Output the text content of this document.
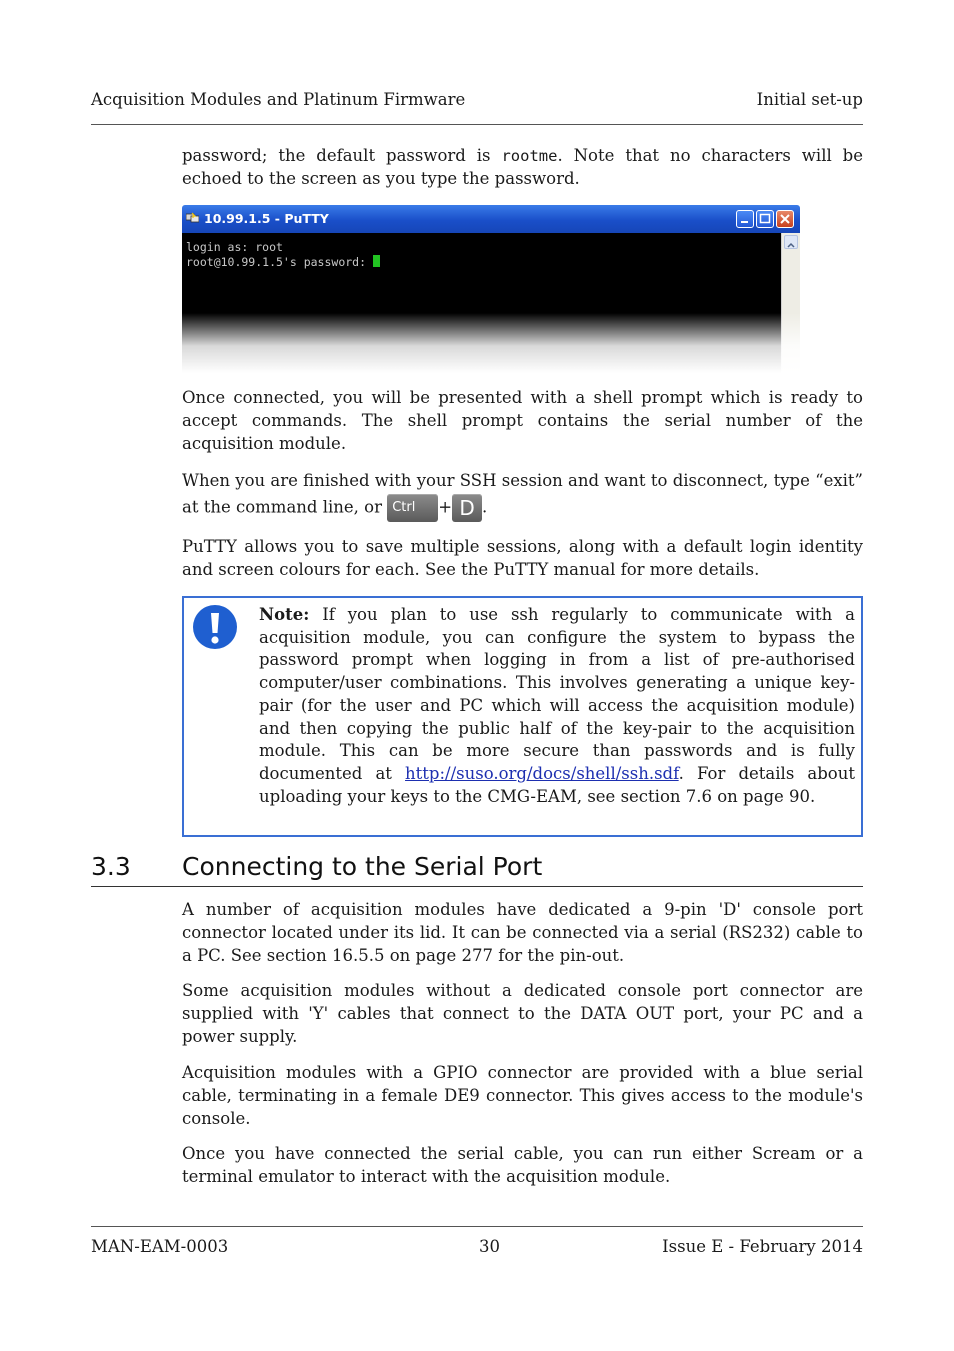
Acquisition Modules and Platinum Firmware	Initial set-up

password; the default password is rootme. Note that no characters will be echoed to the screen as you type the password.

10.99.1.5 - PuTTY
login as: root
root@10.99.1.5's password:

Once connected, you will be presented with a shell prompt which is ready to accept commands. The shell prompt contains the serial number of the acquisition module.

When you are finished with your SSH session and want to disconnect, type “exit” at the command line, or Ctrl + D .

PuTTY allows you to save multiple sessions, along with a default login identity and screen colours for each. See the PuTTY manual for more details.

Note: If you plan to use ssh regularly to communicate with a acquisition module, you can configure the system to bypass the password prompt when logging in from a list of pre-authorised computer/user combinations. This involves generating a unique key-pair (for the user and PC which will access the acquisition module) and then copying the public half of the key-pair to the acquisition module. This can be more secure than passwords and is fully documented at http://suso.org/docs/shell/ssh.sdf. For details about uploading your keys to the CMG-EAM, see section 7.6 on page 90.

3.3 Connecting to the Serial Port

A number of acquisition modules have dedicated a 9-pin 'D' console port connector located under its lid. It can be connected via a serial (RS232) cable to a PC. See section 16.5.5 on page 277 for the pin-out.

Some acquisition modules without a dedicated console port connector are supplied with 'Y' cables that connect to the DATA OUT port, your PC and a power supply.

Acquisition modules with a GPIO connector are provided with a blue serial cable, terminating in a female DE9 connector. This gives access to the module's console.

Once you have connected the serial cable, you can run either Scream or a terminal emulator to interact with the acquisition module.

MAN-EAM-0003	30	Issue E - February 2014
